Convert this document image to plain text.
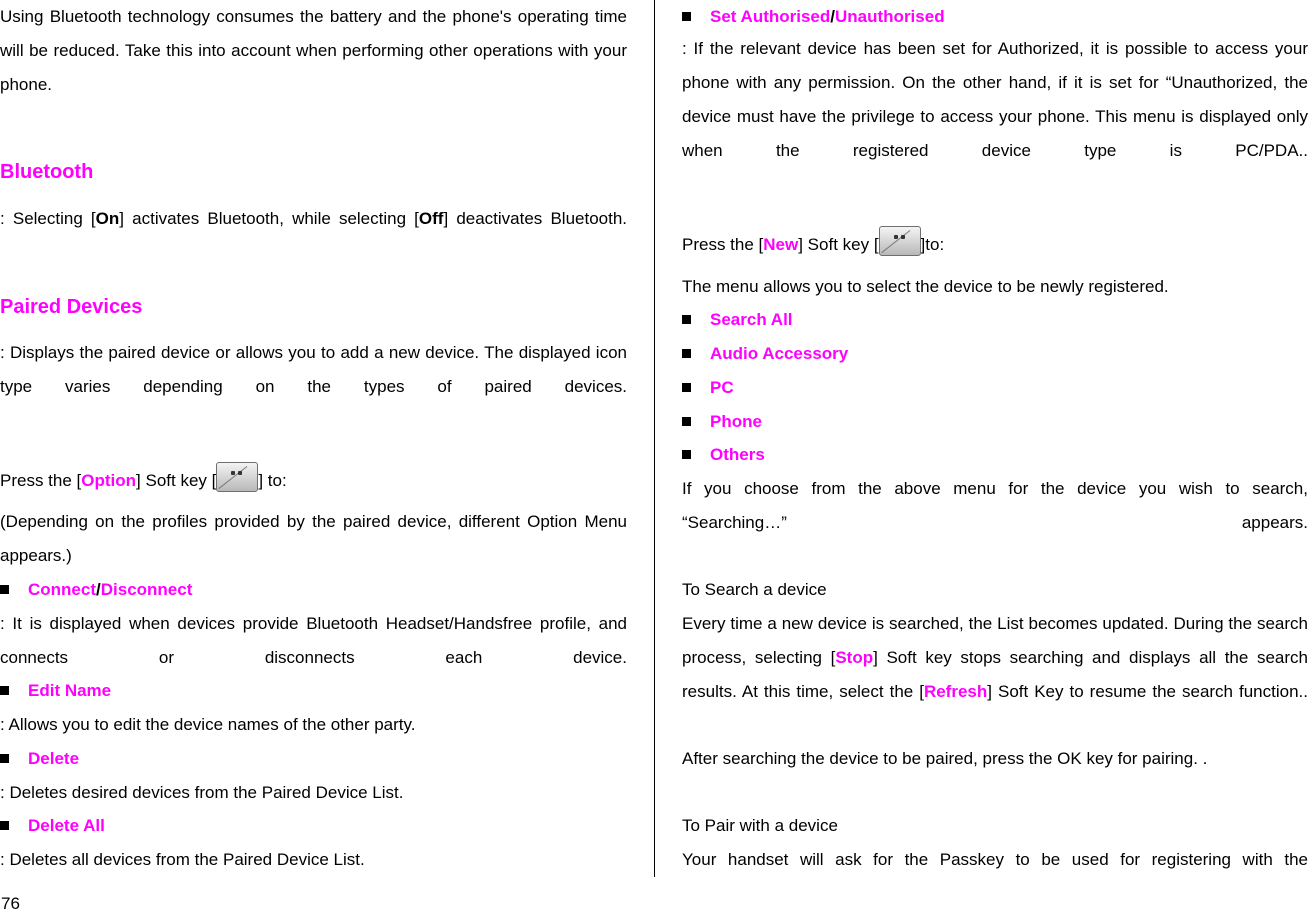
Using Bluetooth technology consumes the battery and the phone's operating time will be reduced. Take this into account when performing other operations with your phone.

Bluetooth

: Selecting [On] activates Bluetooth, while selecting [Off] deactivates Bluetooth.

Paired Devices

: Displays the paired device or allows you to add a new device. The displayed icon type varies depending on the types of paired devices.

Press the [Option] Soft key [ ] to:

(Depending on the profiles provided by the paired device, different Option Menu appears.)

Connect/Disconnect

: It is displayed when devices provide Bluetooth Headset/Handsfree profile, and connects or disconnects each device.

Edit Name

: Allows you to edit the device names of the other party.

Delete

: Deletes desired devices from the Paired Device List.

Delete All

: Deletes all devices from the Paired Device List.

76
Set Authorised/Unauthorised

: If the relevant device has been set for Authorized, it is possible to access your phone with any permission. On the other hand, if it is set for “Unauthorized, the device must have the privilege to access your phone. This menu is displayed only when the registered device type is PC/PDA..

Press the [New] Soft key [ ]to:

The menu allows you to select the device to be newly registered.

Search All
Audio Accessory
PC
Phone
Others

If you choose from the above menu for the device you wish to search, “Searching…” appears.

To Search a device

Every time a new device is searched, the List becomes updated. During the search process, selecting [Stop] Soft key stops searching and displays all the search results. At this time, select the [Refresh] Soft Key to resume the search function..

After searching the device to be paired, press the OK key for pairing. .

To Pair with a device

Your handset will ask for the Passkey to be used for registering with the
